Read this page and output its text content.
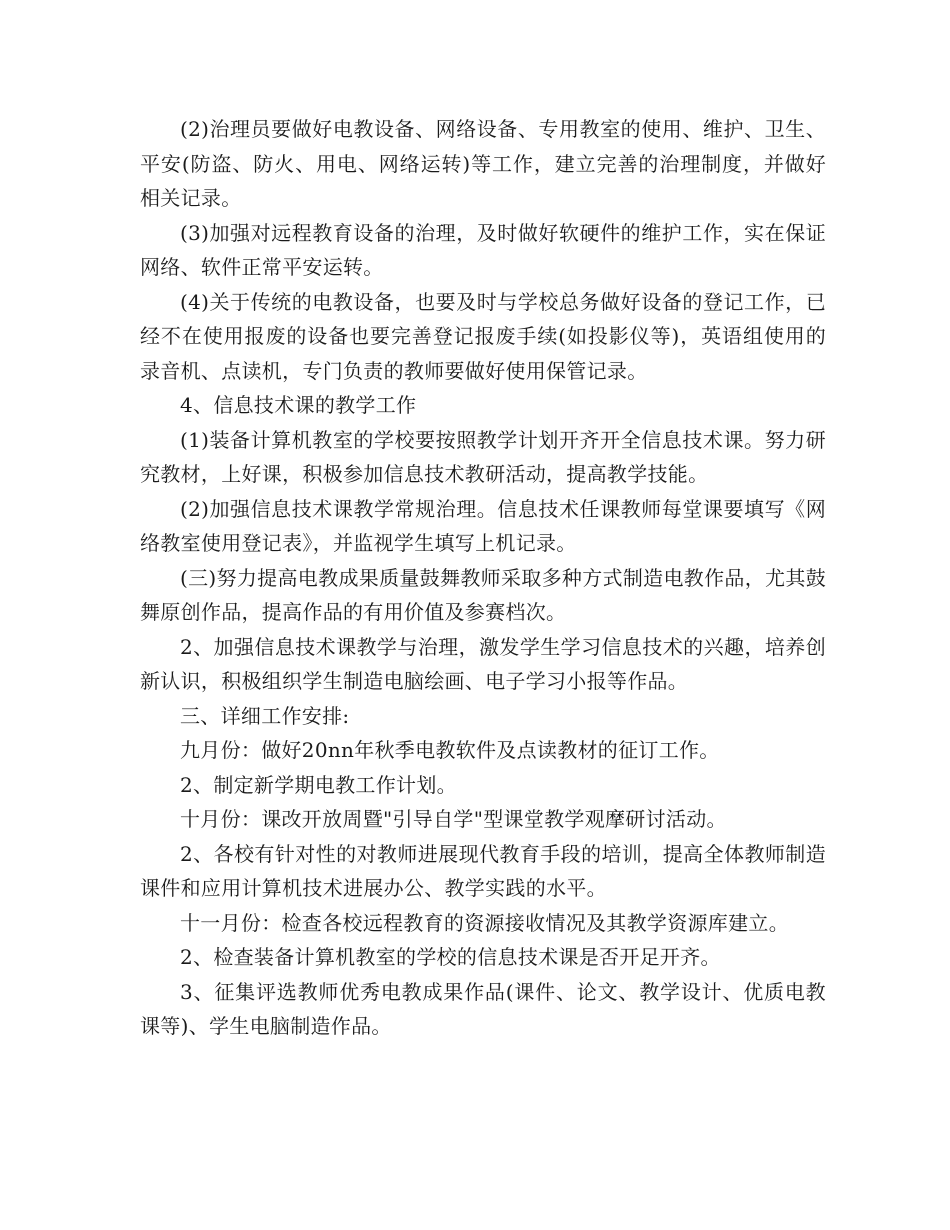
(2)治理员要做好电教设备、网络设备、专用教室的使用、维护、卫生、平安(防盗、防火、用电、网络运转)等工作，建立完善的治理制度，并做好相关记录。

(3)加强对远程教育设备的治理，及时做好软硬件的维护工作，实在保证网络、软件正常平安运转。

(4)关于传统的电教设备，也要及时与学校总务做好设备的登记工作，已经不在使用报废的设备也要完善登记报废手续(如投影仪等)，英语组使用的录音机、点读机，专门负责的教师要做好使用保管记录。

4、信息技术课的教学工作

(1)装备计算机教室的学校要按照教学计划开齐开全信息技术课。努力研究教材，上好课，积极参加信息技术教研活动，提高教学技能。

(2)加强信息技术课教学常规治理。信息技术任课教师每堂课要填写《网络教室使用登记表》，并监视学生填写上机记录。

(三)努力提高电教成果质量鼓舞教师采取多种方式制造电教作品，尤其鼓舞原创作品，提高作品的有用价值及参赛档次。

2、加强信息技术课教学与治理，激发学生学习信息技术的兴趣，培养创新认识，积极组织学生制造电脑绘画、电子学习小报等作品。

三、详细工作安排:

九月份：做好20nn年秋季电教软件及点读教材的征订工作。

2、制定新学期电教工作计划。

十月份：课改开放周暨"引导自学"型课堂教学观摩研讨活动。

2、各校有针对性的对教师进展现代教育手段的培训，提高全体教师制造课件和应用计算机技术进展办公、教学实践的水平。

十一月份：检查各校远程教育的资源接收情况及其教学资源库建立。

2、检查装备计算机教室的学校的信息技术课是否开足开齐。

3、征集评选教师优秀电教成果作品(课件、论文、教学设计、优质电教课等)、学生电脑制造作品。
